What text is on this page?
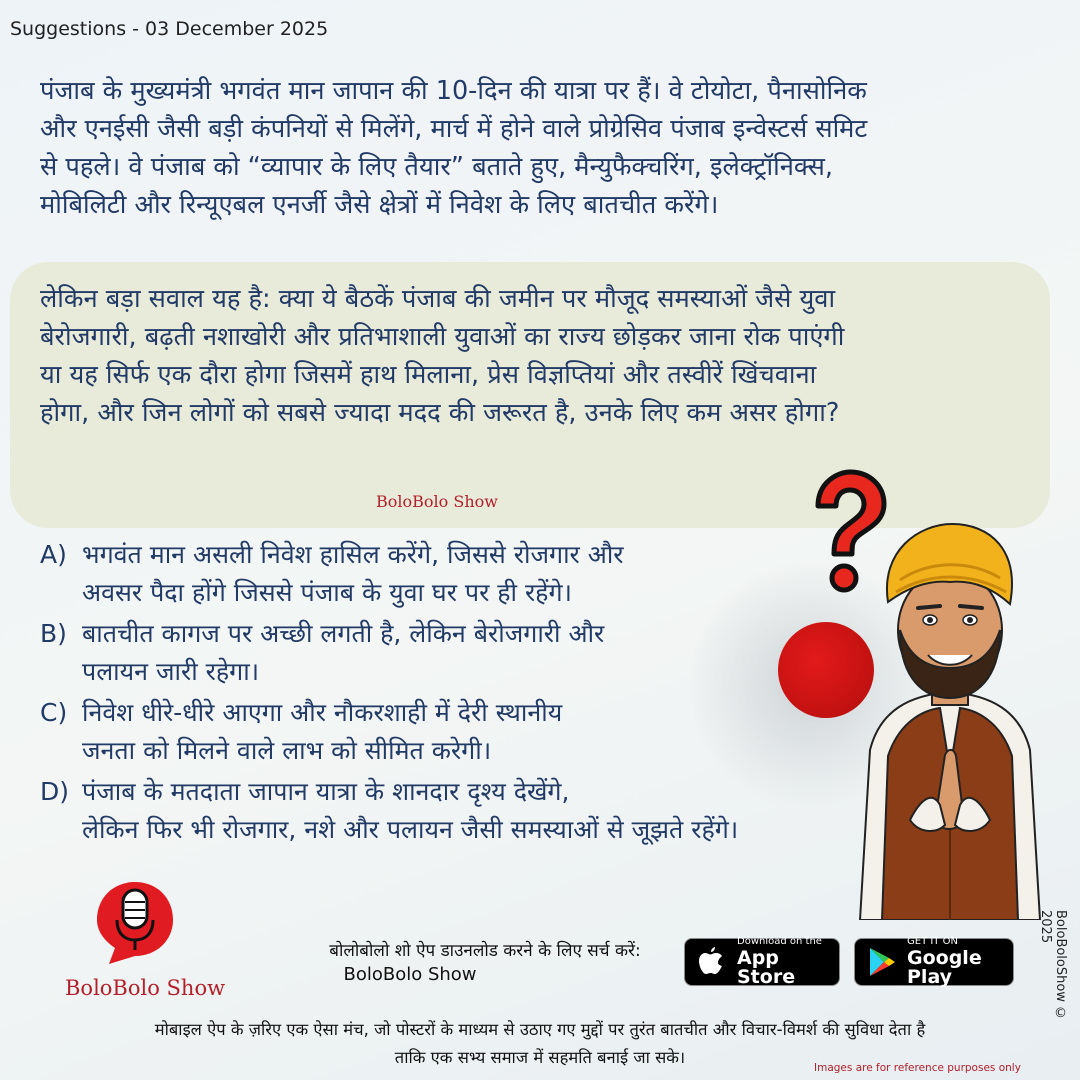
Suggestions - 03 December 2025
पंजाब के मुख्यमंत्री भगवंत मान जापान की 10-दिन की यात्रा पर हैं। वे टोयोटा, पैनासोनिक
और एनईसी जैसी बड़ी कंपनियों से मिलेंगे, मार्च में होने वाले प्रोग्रेसिव पंजाब इन्वेस्टर्स समिट
से पहले। वे पंजाब को “व्यापार के लिए तैयार” बताते हुए, मैन्युफैक्चरिंग, इलेक्ट्रॉनिक्स,
मोबिलिटी और रिन्यूएबल एनर्जी जैसे क्षेत्रों में निवेश के लिए बातचीत करेंगे।
लेकिन बड़ा सवाल यह है: क्या ये बैठकें पंजाब की जमीन पर मौजूद समस्याओं जैसे युवा
बेरोजगारी, बढ़ती नशाखोरी और प्रतिभाशाली युवाओं का राज्य छोड़कर जाना रोक पाएंगी
या यह सिर्फ एक दौरा होगा जिसमें हाथ मिलाना, प्रेस विज्ञप्तियां और तस्वीरें खिंचवाना
होगा, और जिन लोगों को सबसे ज्यादा मदद की जरूरत है, उनके लिए कम असर होगा?
BoloBolo Show
A) भगवंत मान असली निवेश हासिल करेंगे, जिससे रोजगार और
अवसर पैदा होंगे जिससे पंजाब के युवा घर पर ही रहेंगे।
B) बातचीत कागज पर अच्छी लगती है, लेकिन बेरोजगारी और
पलायन जारी रहेगा।
C) निवेश धीरे-धीरे आएगा और नौकरशाही में देरी स्थानीय
जनता को मिलने वाले लाभ को सीमित करेगी।
D) पंजाब के मतदाता जापान यात्रा के शानदार दृश्य देखेंगे,
लेकिन फिर भी रोजगार, नशे और पलायन जैसी समस्याओं से जूझते रहेंगे।
BoloBolo Show
बोलोबोलो शो ऐप डाउनलोड करने के लिए सर्च करें:
BoloBolo Show
Download on the
App Store
GET IT ON
Google Play
मोबाइल ऐप के ज़रिए एक ऐसा मंच, जो पोस्टरों के माध्यम से उठाए गए मुद्दों पर तुरंत बातचीत और विचार-विमर्श की सुविधा देता है
ताकि एक सभ्य समाज में सहमति बनाई जा सके।
BoloBoloShow © 2025
Images are for reference purposes only
